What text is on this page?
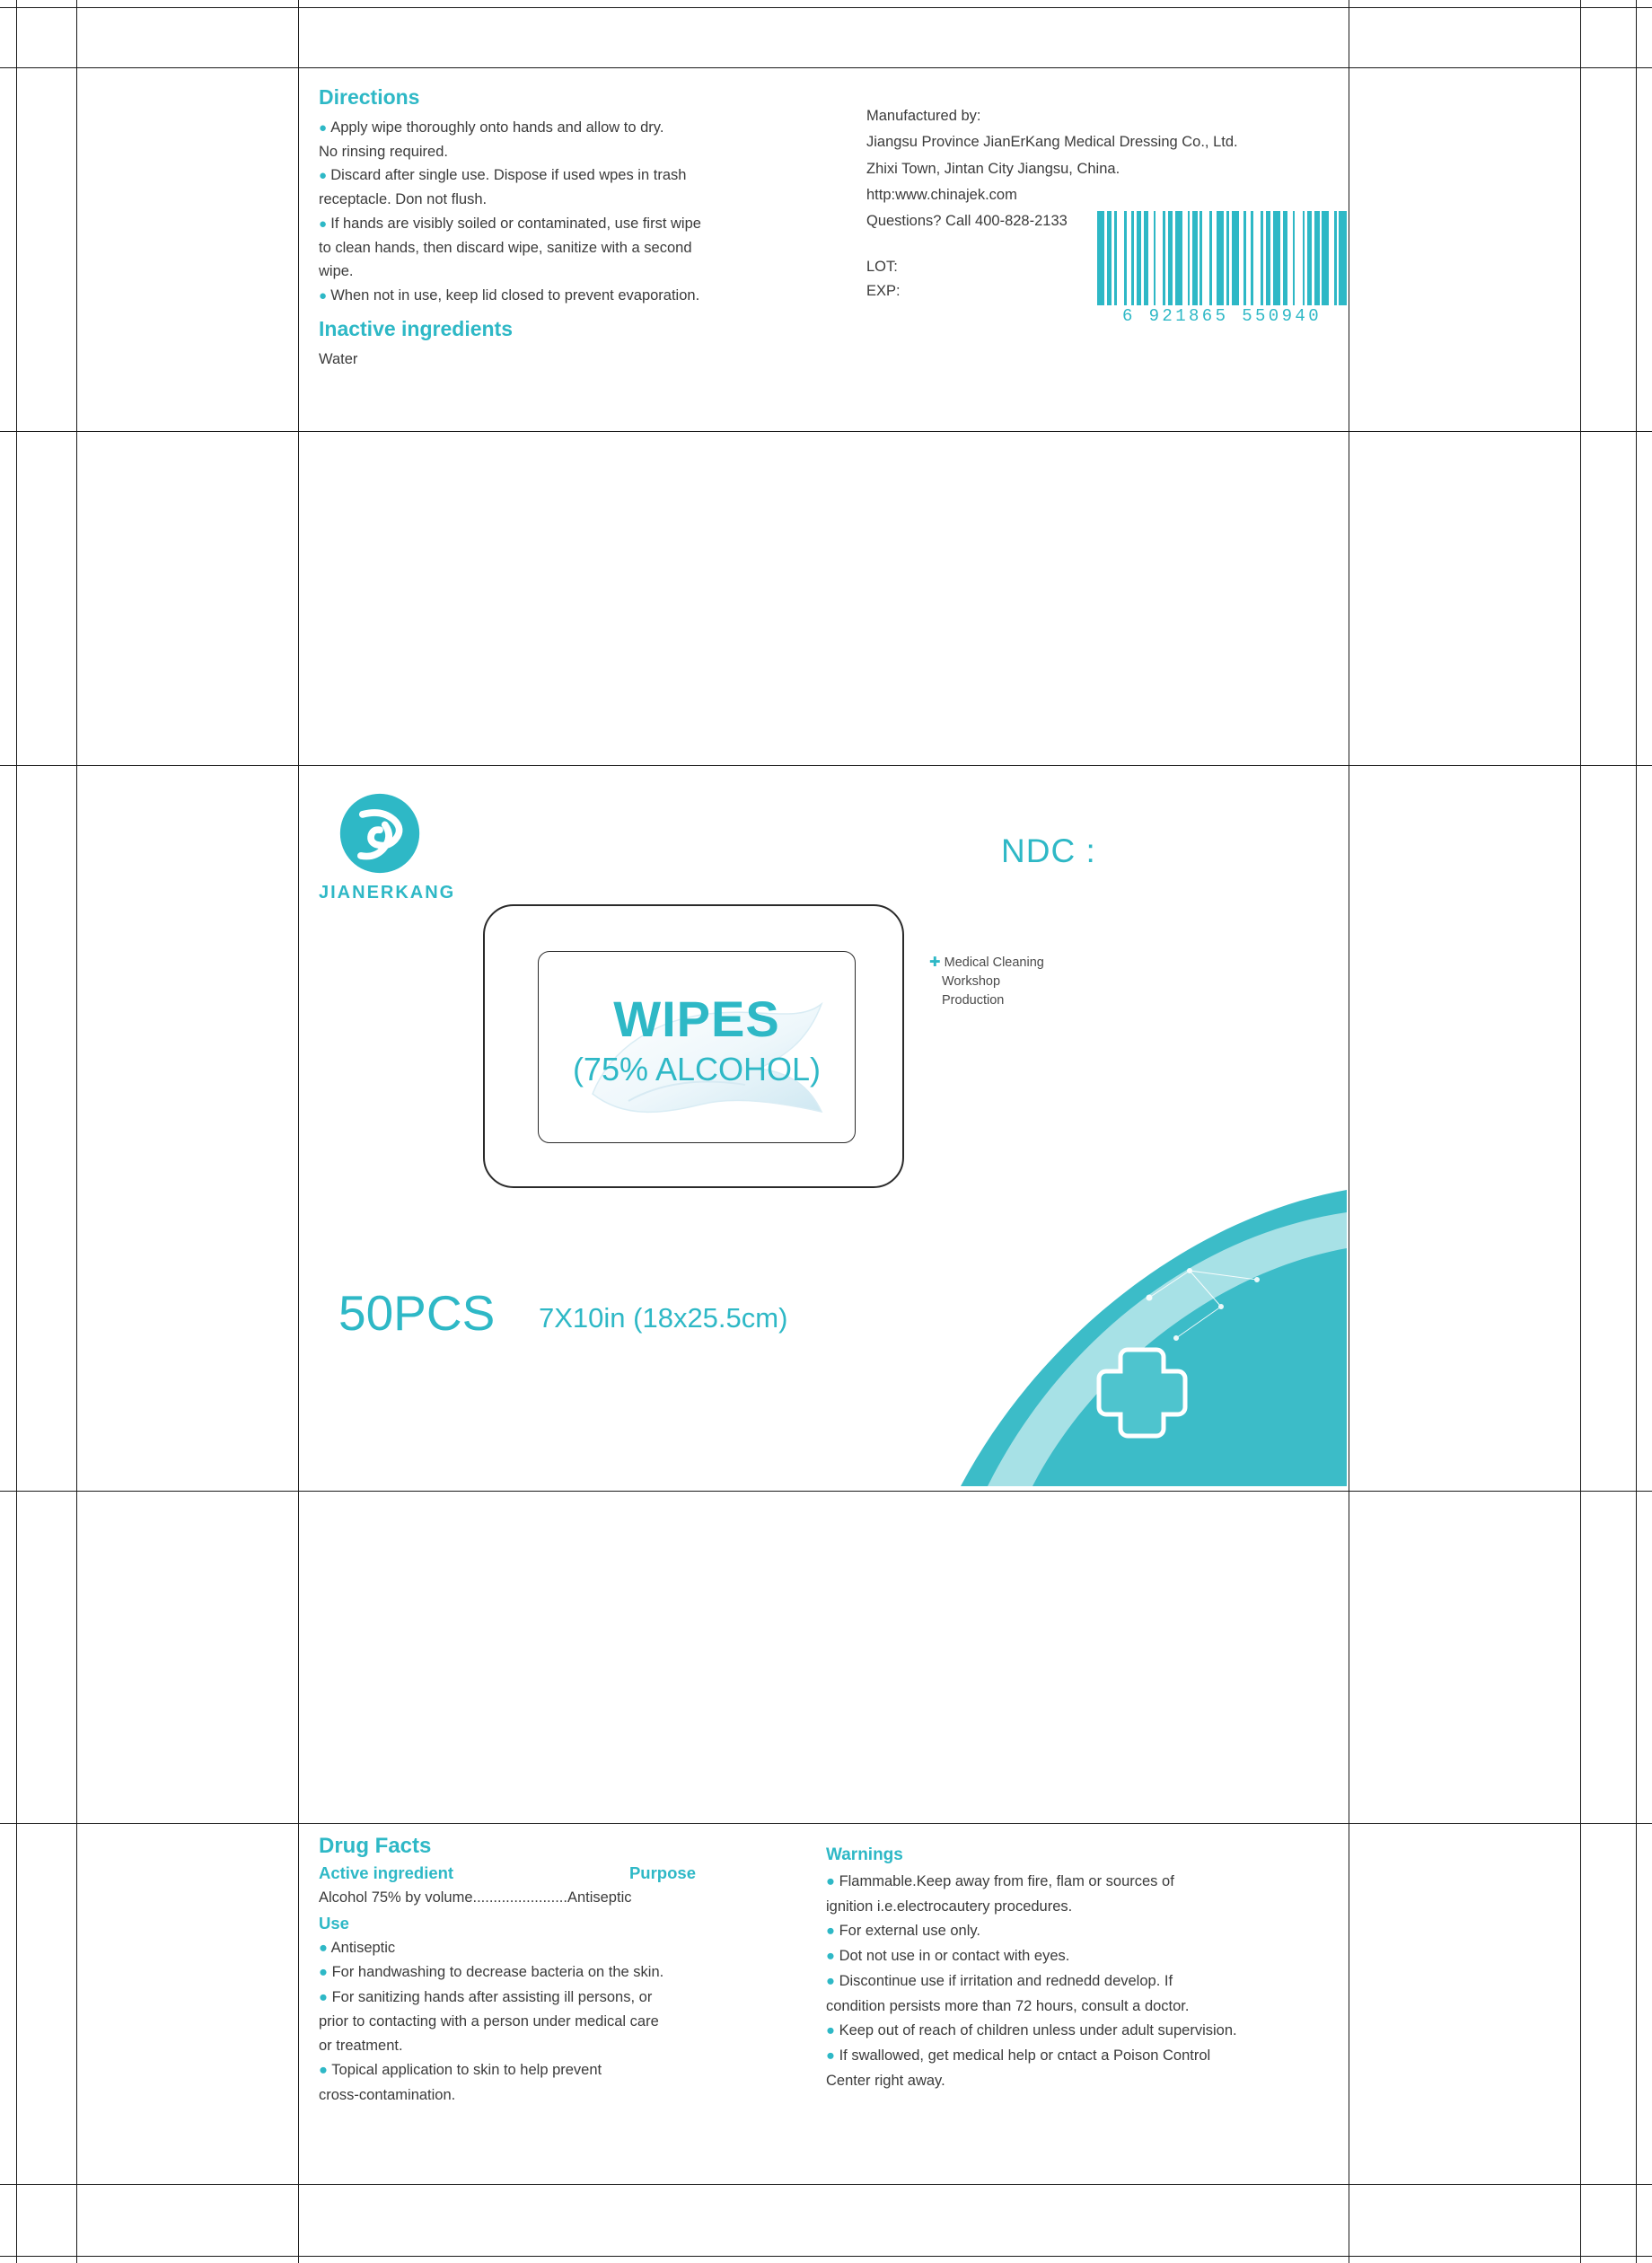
Directions
● Apply wipe thoroughly onto hands and allow to dry.
No rinsing required.
● Discard after single use. Dispose if used wpes in trash
receptacle. Don not flush.
● If hands are visibly soiled or contaminated, use first wipe
to clean hands, then discard wipe, sanitize with a second
wipe.
● When not in use, keep lid closed to prevent evaporation.
Inactive ingredients
Water
Manufactured by:
Jiangsu Province JianErKang Medical Dressing Co., Ltd.
Zhixi Town, Jintan City Jiangsu, China.
http:www.chinajek.com
Questions? Call 400-828-2133
LOT:
EXP:
6 921865 550940
JIANERKANG
NDC :
WIPES
(75% ALCOHOL)
✚ Medical Cleaning
Workshop
Production
50PCS 7X10in (18x25.5cm)
Drug Facts
Active ingredient	Purpose
Alcohol 75% by volume.......................Antiseptic
Use
● Antiseptic
● For handwashing to decrease bacteria on the skin.
● For sanitizing hands after assisting ill persons, or
prior to contacting with a person under medical care
or treatment.
● Topical application to skin to help prevent
cross-contamination.
Warnings
● Flammable.Keep away from fire, flam or sources of
ignition i.e.electrocautery procedures.
● For external use only.
● Dot not use in or contact with eyes.
● Discontinue use if irritation and rednedd develop. If
condition persists more than 72 hours, consult a doctor.
● Keep out of reach of children unless under adult supervision.
● If swallowed, get medical help or cntact a Poison Control
Center right away.
